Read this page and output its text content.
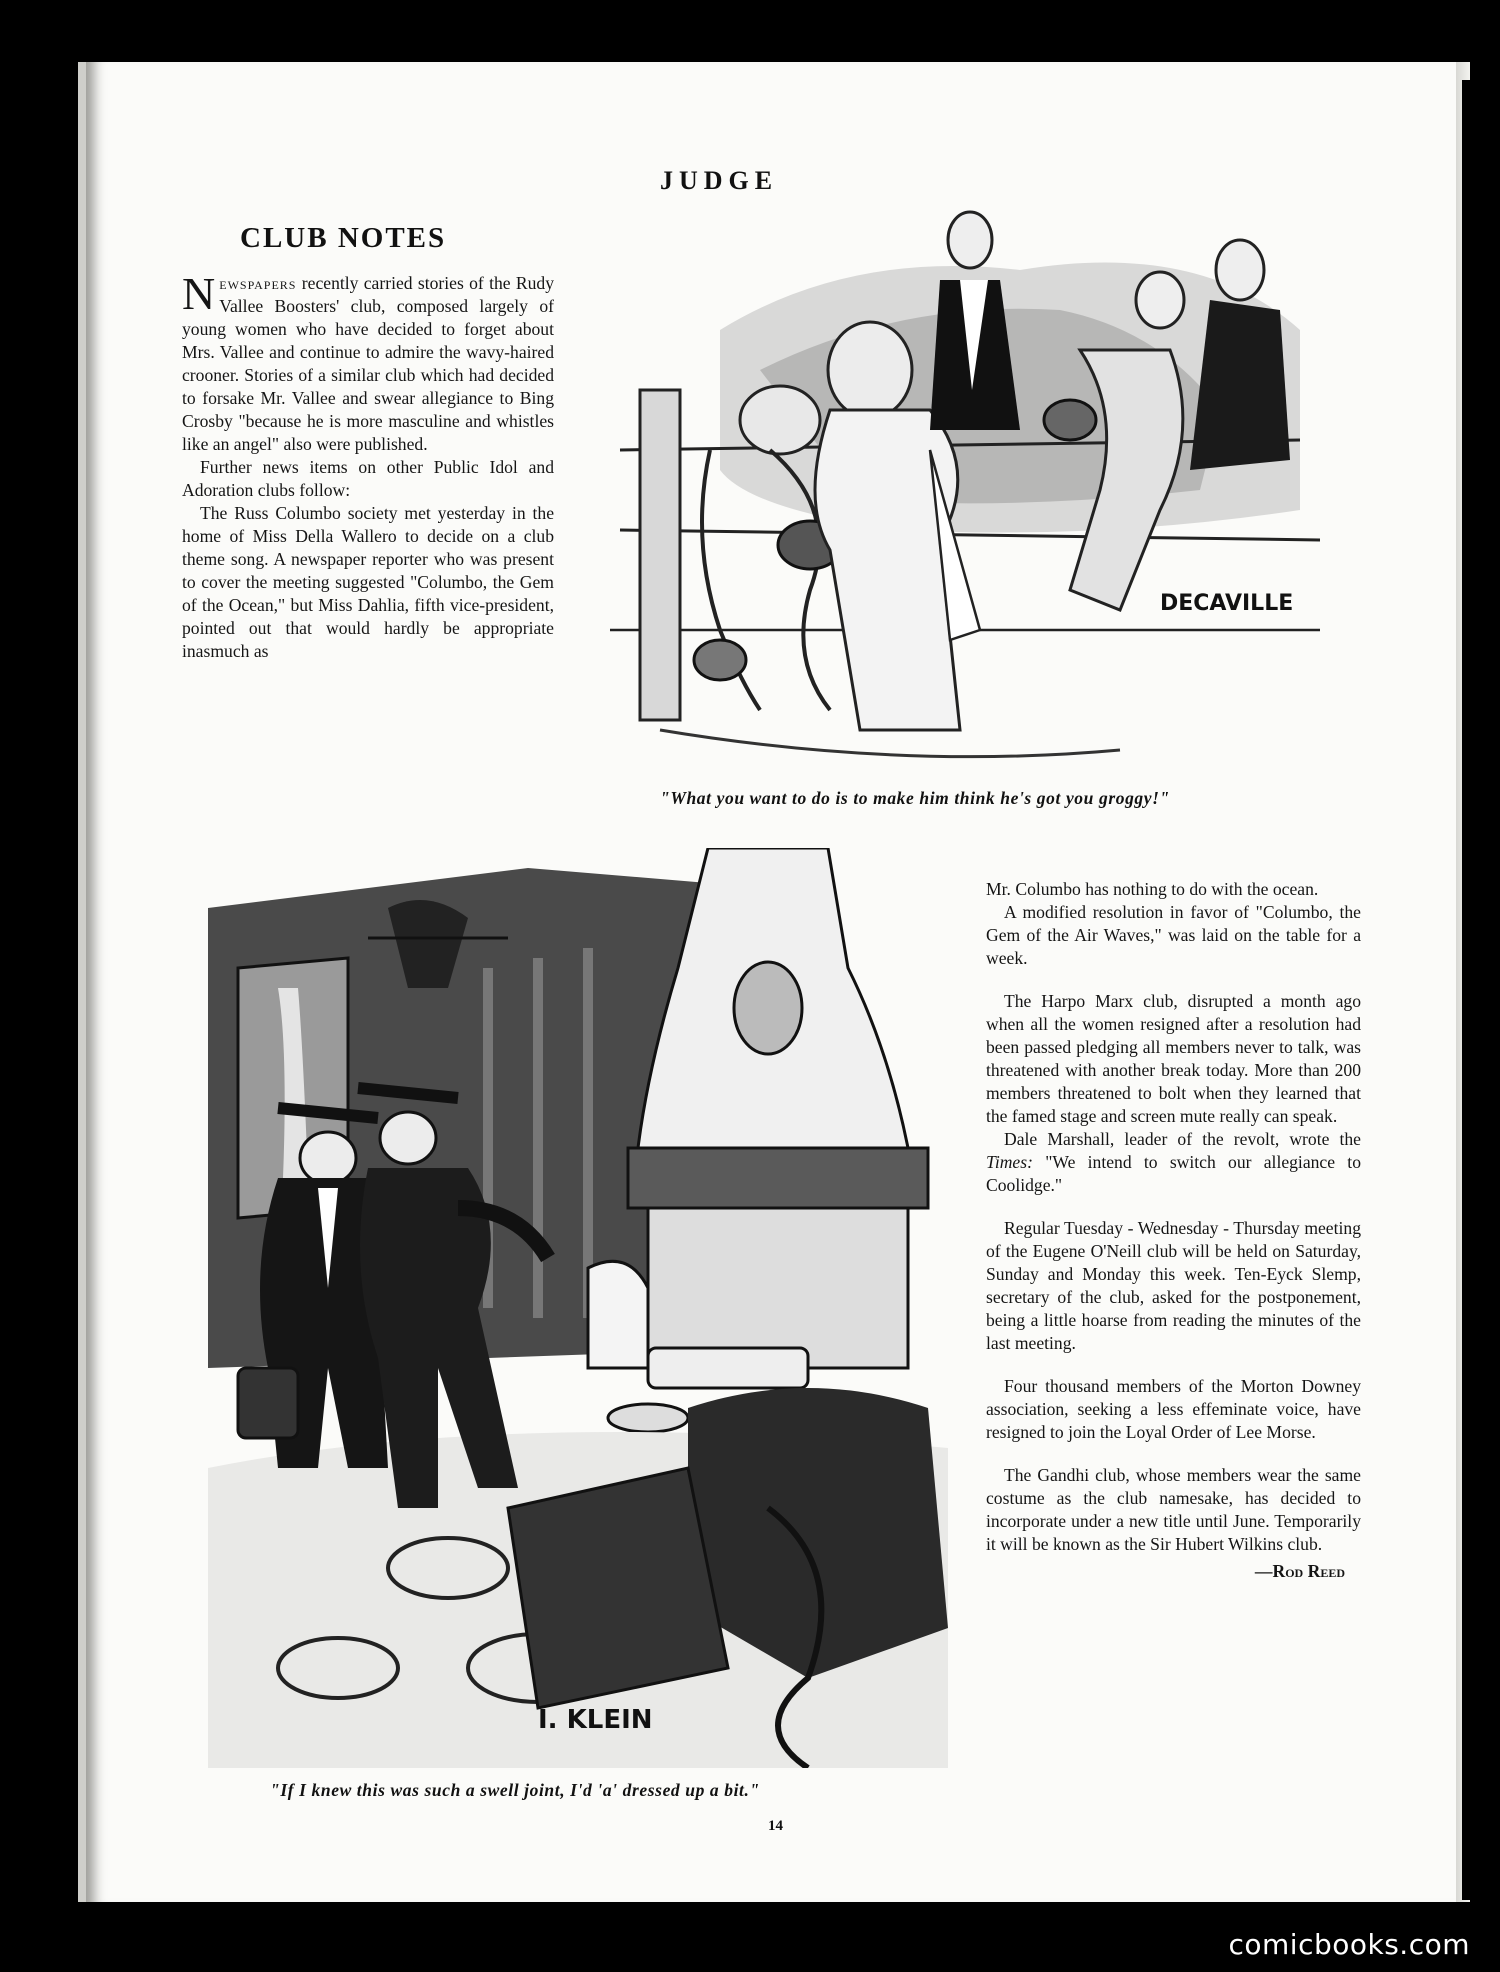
JUDGE
CLUB NOTES
DECAVILLE
"What you want to do is to make him think he's got you groggy!"
I. KLEIN
"If I knew this was such a swell joint, I'd 'a' dressed up a bit."

Newspapers recently carried stories of the Rudy Vallee Boosters' club, composed largely of young women who have decided to forget about Mrs. Vallee and continue to admire the wavy-haired crooner. Stories of a similar club which had decided to forsake Mr. Vallee and swear allegiance to Bing Crosby "because he is more masculine and whistles like an angel" also were published.

Further news items on other Public Idol and Adoration clubs follow:

The Russ Columbo society met yesterday in the home of Miss Della Wallero to decide on a club theme song. A newspaper reporter who was present to cover the meeting suggested "Columbo, the Gem of the Ocean," but Miss Dahlia, fifth vice-president, pointed out that would hardly be appropriate inasmuch as

Mr. Columbo has nothing to do with the ocean.

A modified resolution in favor of "Columbo, the Gem of the Air Waves," was laid on the table for a week.

The Harpo Marx club, disrupted a month ago when all the women resigned after a resolution had been passed pledging all members never to talk, was threatened with another break today. More than 200 members threatened to bolt when they learned that the famed stage and screen mute really can speak.

Dale Marshall, leader of the revolt, wrote the Times: "We intend to switch our allegiance to Coolidge."

Regular Tuesday - Wednesday - Thursday meeting of the Eugene O'Neill club will be held on Saturday, Sunday and Monday this week. Ten-Eyck Slemp, secretary of the club, asked for the postponement, being a little hoarse from reading the minutes of the last meeting.

Four thousand members of the Morton Downey association, seeking a less effeminate voice, have resigned to join the Loyal Order of Lee Morse.

The Gandhi club, whose members wear the same costume as the club namesake, has decided to incorporate under a new title until June. Temporarily it will be known as the Sir Hubert Wilkins club.

—Rod Reed
14
comicbooks.com
